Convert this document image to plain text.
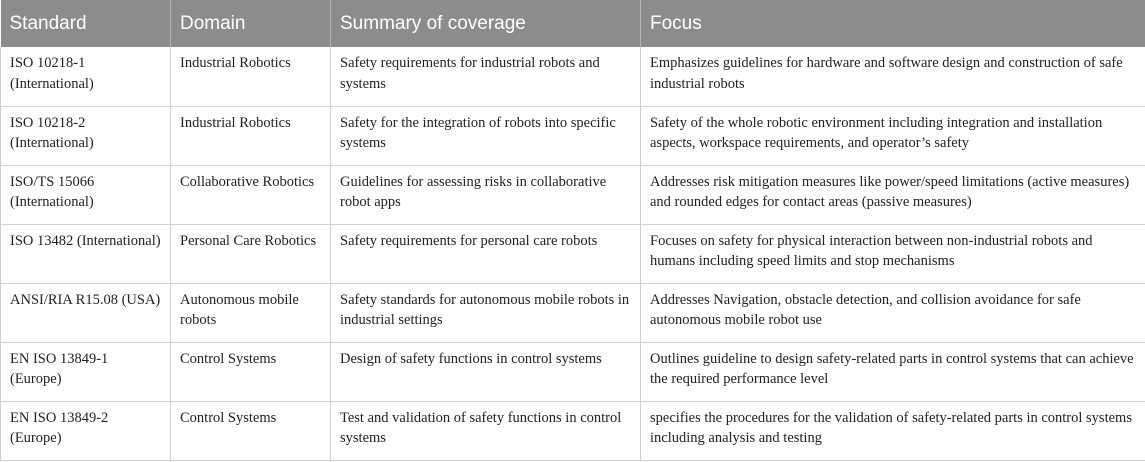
Standard	Domain	Summary of coverage	Focus
ISO 10218-1 (International)	Industrial Robotics	Safety requirements for industrial robots and systems	Emphasizes guidelines for hardware and software design and construction of safe industrial robots
ISO 10218-2 (International)	Industrial Robotics	Safety for the integration of robots into specific systems	Safety of the whole robotic environment including integration and installation aspects, workspace requirements, and operator’s safety
ISO/TS 15066 (International)	Collaborative Robotics	Guidelines for assessing risks in collaborative robot apps	Addresses risk mitigation measures like power/speed limitations (active measures) and rounded edges for contact areas (passive measures)
ISO 13482 (International)	Personal Care Robotics	Safety requirements for personal care robots	Focuses on safety for physical interaction between non-industrial robots and humans including speed limits and stop mechanisms
ANSI/RIA R15.08 (USA)	Autonomous mobile robots	Safety standards for autonomous mobile robots in industrial settings	Addresses Navigation, obstacle detection, and collision avoidance for safe autonomous mobile robot use
EN ISO 13849-1 (Europe)	Control Systems	Design of safety functions in control systems	Outlines guideline to design safety-related parts in control systems that can achieve the required performance level
EN ISO 13849-2 (Europe)	Control Systems	Test and validation of safety functions in control systems	specifies the procedures for the validation of safety-related parts in control systems including analysis and testing
